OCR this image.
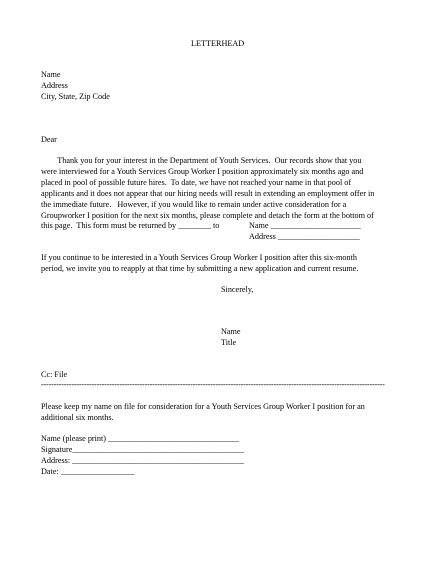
LETTERHEAD
Name
Address
City, State, Zip Code
Dear
Thank you for your interest in the Department of Youth Services.  Our records show that you
were interviewed for a Youth Services Group Worker I position approximately six months ago and
placed in pool of possible future hires.  To date, we have not reached your name in that pool of
applicants and it does not appear that our hiring needs will result in extending an employment offer in
the immediate future.   However, if you would like to remain under active consideration for a
Groupworker I position for the next six months, please complete and detach the form at the bottom of
this page.  This form must be returned by ________ to	Name ______________________
Address ____________________
If you continue to be interested in a Youth Services Group Worker I position after this six-month
period, we invite you to reapply at that time by submitting a new application and current resume.
Sincerely,
Name
Title
Cc: File
----------------------------------------------------------------------------------------------------------------------------------------
Please keep my name on file for consideration for a Youth Services Group Worker I position for an
additional six months.
Name (please print) ________________________________
Signature__________________________________________
Address: __________________________________________
Date: __________________
